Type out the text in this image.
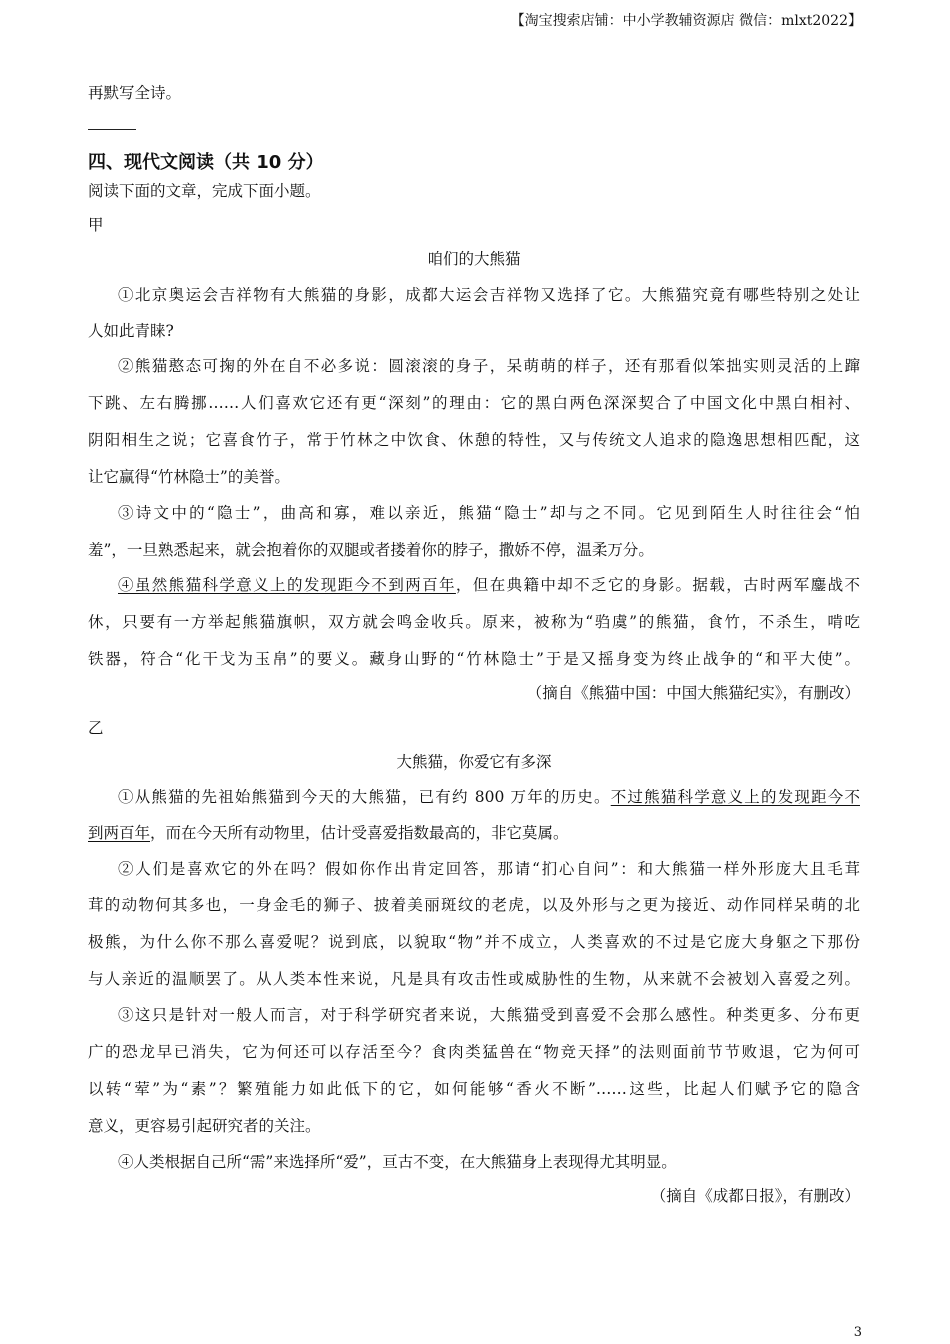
【淘宝搜索店铺：中小学教辅资源店 微信：mlxt2022】
再默写全诗。
四、现代文阅读（共 10 分）
阅读下面的文章，完成下面小题。
甲
咱们的大熊猫
①北京奥运会吉祥物有大熊猫的身影，成都大运会吉祥物又选择了它。大熊猫究竟有哪些特别之处让
人如此青睐?
②熊猫憨态可掬的外在自不必多说：圆滚滚的身子，呆萌萌的样子，还有那看似笨拙实则灵活的上蹿
下跳、左右腾挪……人们喜欢它还有更“深刻”的理由：它的黑白两色深深契合了中国文化中黑白相衬、
阴阳相生之说；它喜食竹子，常于竹林之中饮食、休憩的特性，又与传统文人追求的隐逸思想相匹配，这
让它赢得“竹林隐士”的美誉。
③诗文中的“隐士”，曲高和寡，难以亲近，熊猫“隐士”却与之不同。它见到陌生人时往往会“怕
羞”，一旦熟悉起来，就会抱着你的双腿或者搂着你的脖子，撒娇不停，温柔万分。
④虽然熊猫科学意义上的发现距今不到两百年，但在典籍中却不乏它的身影。据载，古时两军鏖战不
休，只要有一方举起熊猫旗帜，双方就会鸣金收兵。原来，被称为“驺虞”的熊猫，食竹，不杀生，啃吃
铁器，符合“化干戈为玉帛”的要义。藏身山野的“竹林隐士”于是又摇身变为终止战争的“和平大使”。
（摘自《熊猫中国：中国大熊猫纪实》，有删改）
乙
大熊猫，你爱它有多深
①从熊猫的先祖始熊猫到今天的大熊猫，已有约 800 万年的历史。不过熊猫科学意义上的发现距今不
到两百年，而在今天所有动物里，估计受喜爱指数最高的，非它莫属。
②人们是喜欢它的外在吗？假如你作出肯定回答，那请“扪心自问”：和大熊猫一样外形庞大且毛茸
茸的动物何其多也，一身金毛的狮子、披着美丽斑纹的老虎，以及外形与之更为接近、动作同样呆萌的北
极熊，为什么你不那么喜爱呢？说到底，以貌取“物”并不成立，人类喜欢的不过是它庞大身躯之下那份
与人亲近的温顺罢了。从人类本性来说，凡是具有攻击性或威胁性的生物，从来就不会被划入喜爱之列。
③这只是针对一般人而言，对于科学研究者来说，大熊猫受到喜爱不会那么感性。种类更多、分布更
广的恐龙早已消失，它为何还可以存活至今？食肉类猛兽在“物竞天择”的法则面前节节败退，它为何可
以转“荤”为“素”？繁殖能力如此低下的它，如何能够“香火不断”……这些，比起人们赋予它的隐含
意义，更容易引起研究者的关注。
④人类根据自己所“需”来选择所“爱”，亘古不变，在大熊猫身上表现得尤其明显。
（摘自《成都日报》，有删改）
3
